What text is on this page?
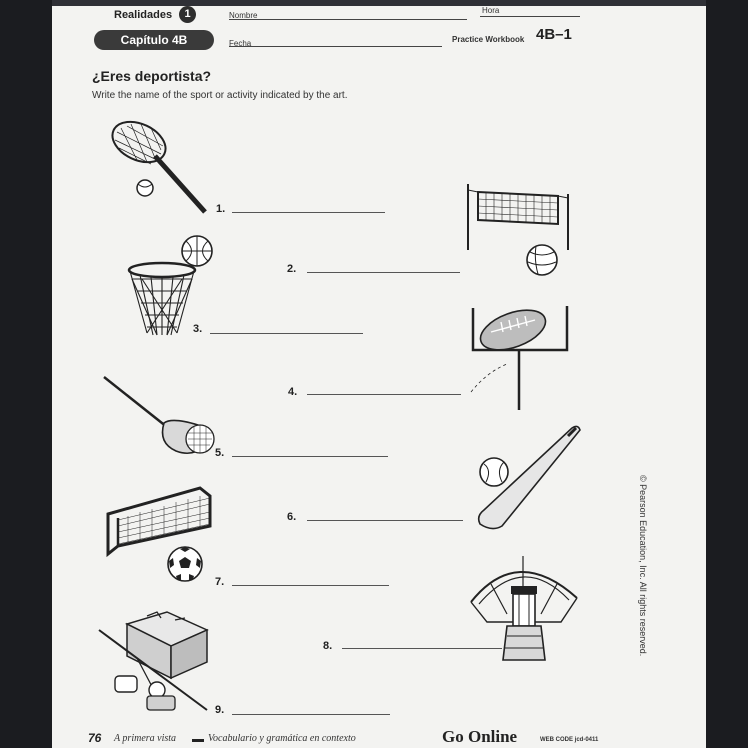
Realidades	1
Capítulo 4B
Nombre
Hora
Fecha	Practice Workbook 4B–1
¿Eres deportista?
Write the name of the sport or activity indicated by the art.
1.
2.
3.
4.
5.
6.
7.
8.
9.
© Pearson Education, Inc. All rights reserved.
76 A primera vista	Vocabulario y gramática en contexto	Go Online	WEB CODE jcd-0411
